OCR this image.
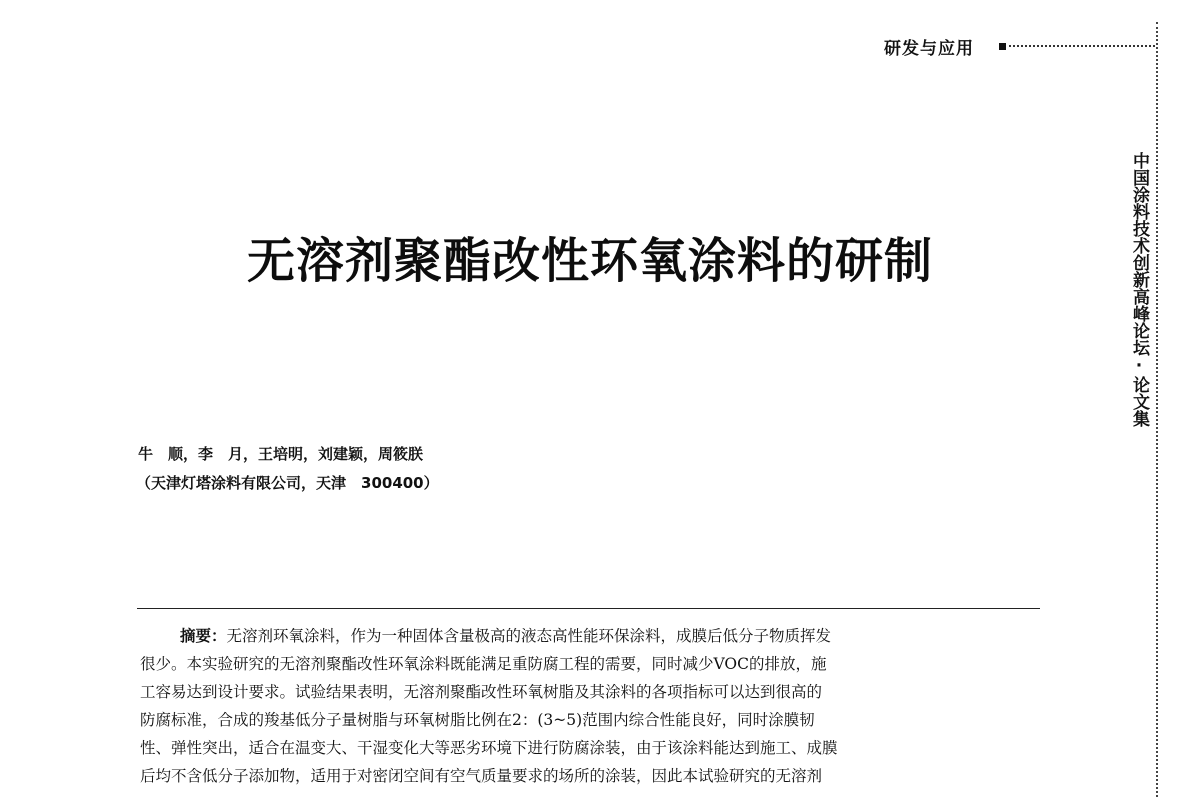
研发与应用
中国涂料技术创新高峰论坛·论文集
无溶剂聚酯改性环氧涂料的研制
牛　顺，李　月，王培明，刘建颖，周筱朕
（天津灯塔涂料有限公司，天津　300400）
摘要：无溶剂环氧涂料，作为一种固体含量极高的液态高性能环保涂料，成膜后低分子物质挥发
很少。本实验研究的无溶剂聚酯改性环氧涂料既能满足重防腐工程的需要，同时减少VOC的排放，施
工容易达到设计要求。试验结果表明，无溶剂聚酯改性环氧树脂及其涂料的各项指标可以达到很高的
防腐标准，合成的羧基低分子量树脂与环氧树脂比例在2：(3~5)范围内综合性能良好，同时涂膜韧
性、弹性突出，适合在温变大、干湿变化大等恶劣环境下进行防腐涂装，由于该涂料能达到施工、成膜
后均不含低分子添加物，适用于对密闭空间有空气质量要求的场所的涂装，因此本试验研究的无溶剂
